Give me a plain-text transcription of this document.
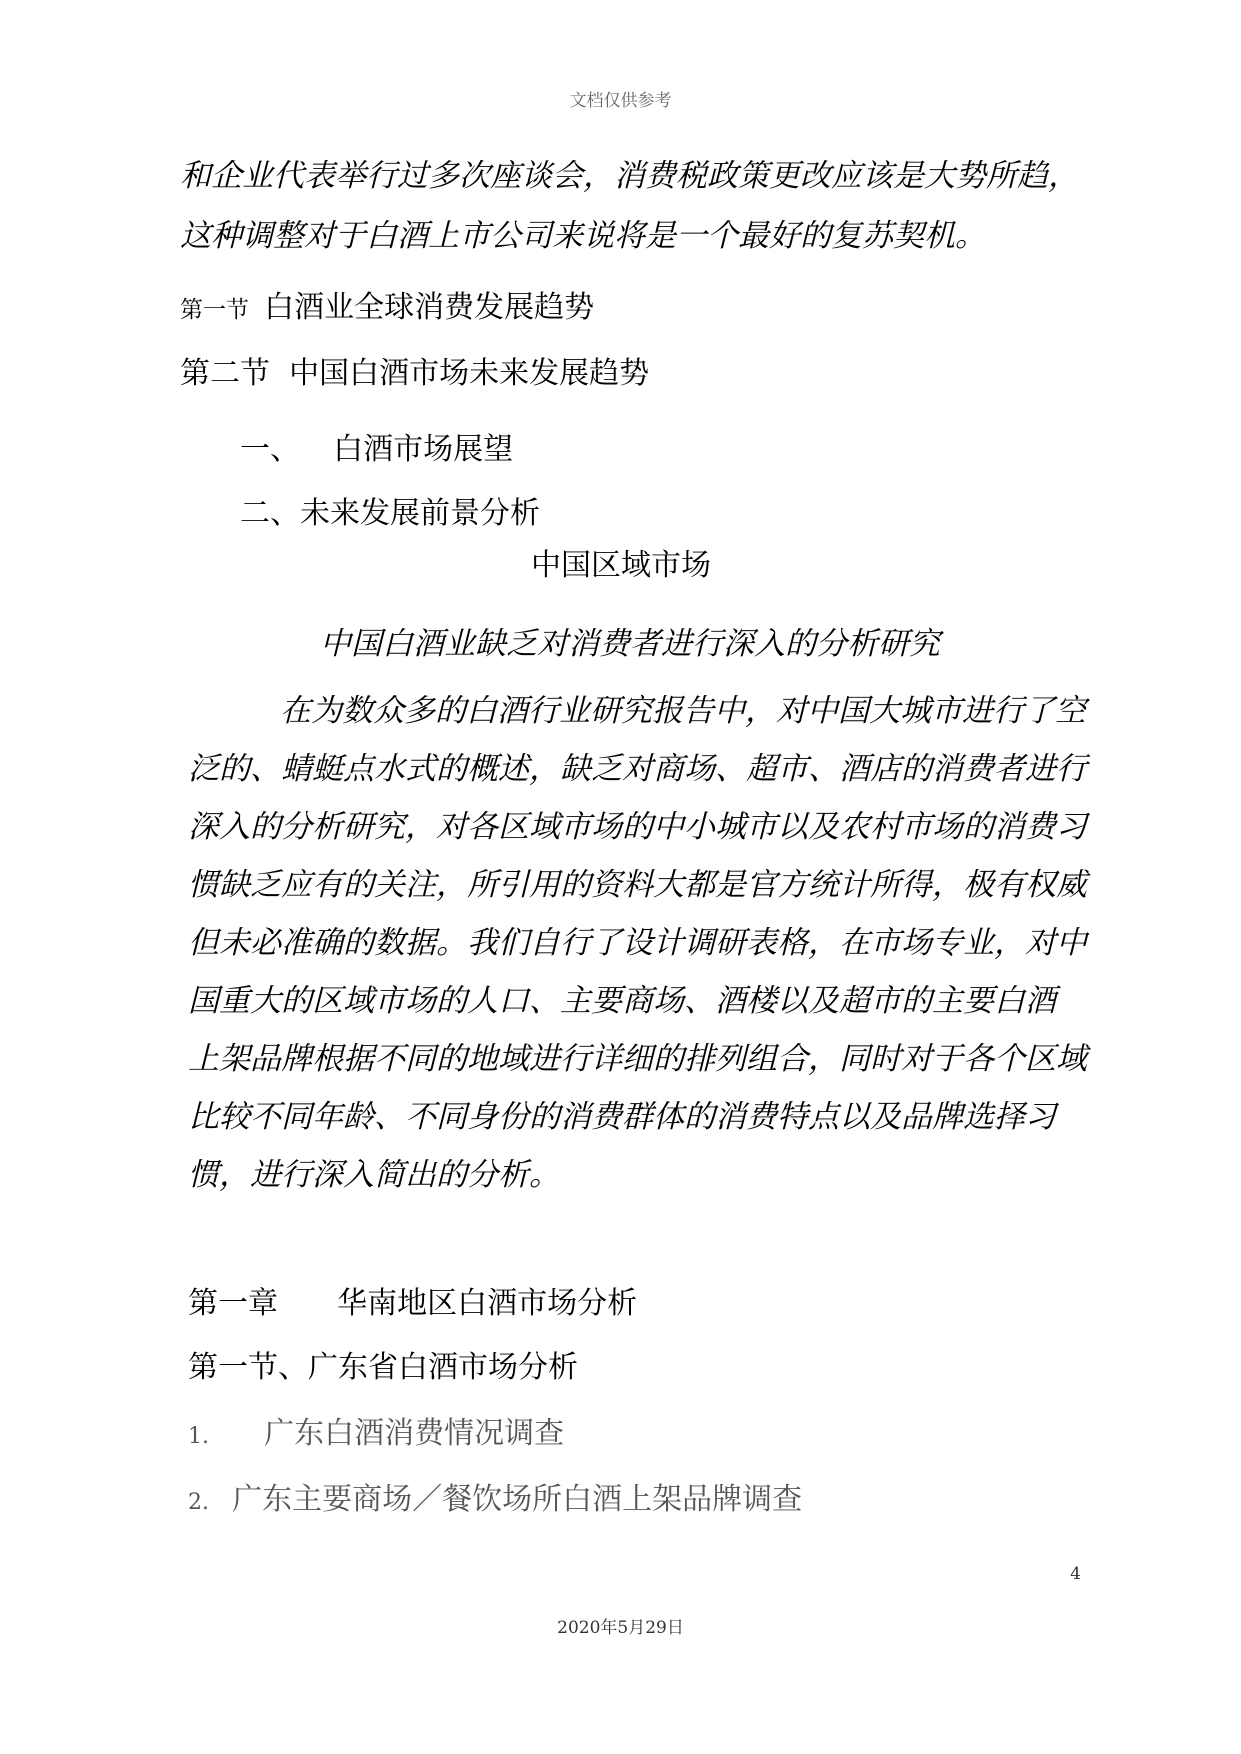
文档仅供参考
和企业代表举行过多次座谈会，消费税政策更改应该是大势所趋，
这种调整对于白酒上市公司来说将是一个最好的复苏契机。
第一节 白酒业全球消费发展趋势
第二节 中国白酒市场未来发展趋势
一、 白酒市场展望
二、未来发展前景分析
中国区域市场
中国白酒业缺乏对消费者进行深入的分析研究

在为数众多的白酒行业研究报告中，对中国大城市进行了空

泛的、蜻蜓点水式的概述，缺乏对商场、超市、酒店的消费者进行

深入的分析研究，对各区域市场的中小城市以及农村市场的消费习

惯缺乏应有的关注，所引用的资料大都是官方统计所得，极有权威

但未必准确的数据。我们自行了设计调研表格，在市场专业，对中

国重大的区域市场的人口、主要商场、酒楼以及超市的主要白酒

上架品牌根据不同的地域进行详细的排列组合，同时对于各个区域

比较不同年龄、不同身份的消费群体的消费特点以及品牌选择习

惯，进行深入简出的分析。

第一章 华南地区白酒市场分析
第一节、广东省白酒市场分析
1. 广东白酒消费情况调查
2. 广东主要商场／餐饮场所白酒上架品牌调查
4
2020年5月29日
